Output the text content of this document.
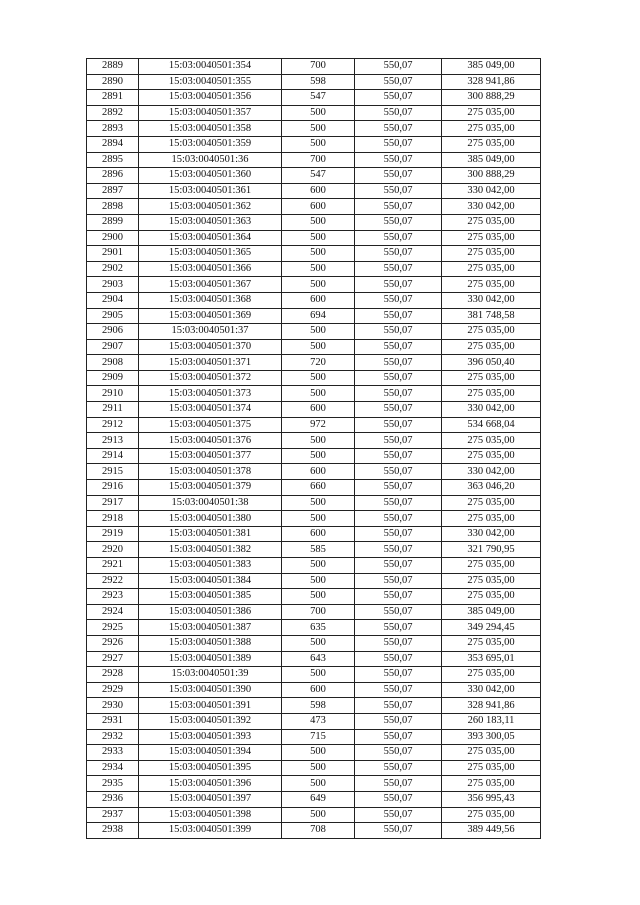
2889	15:03:0040501:354	700	550,07	385 049,00
2890	15:03:0040501:355	598	550,07	328 941,86
2891	15:03:0040501:356	547	550,07	300 888,29
2892	15:03:0040501:357	500	550,07	275 035,00
2893	15:03:0040501:358	500	550,07	275 035,00
2894	15:03:0040501:359	500	550,07	275 035,00
2895	15:03:0040501:36	700	550,07	385 049,00
2896	15:03:0040501:360	547	550,07	300 888,29
2897	15:03:0040501:361	600	550,07	330 042,00
2898	15:03:0040501:362	600	550,07	330 042,00
2899	15:03:0040501:363	500	550,07	275 035,00
2900	15:03:0040501:364	500	550,07	275 035,00
2901	15:03:0040501:365	500	550,07	275 035,00
2902	15:03:0040501:366	500	550,07	275 035,00
2903	15:03:0040501:367	500	550,07	275 035,00
2904	15:03:0040501:368	600	550,07	330 042,00
2905	15:03:0040501:369	694	550,07	381 748,58
2906	15:03:0040501:37	500	550,07	275 035,00
2907	15:03:0040501:370	500	550,07	275 035,00
2908	15:03:0040501:371	720	550,07	396 050,40
2909	15:03:0040501:372	500	550,07	275 035,00
2910	15:03:0040501:373	500	550,07	275 035,00
2911	15:03:0040501:374	600	550,07	330 042,00
2912	15:03:0040501:375	972	550,07	534 668,04
2913	15:03:0040501:376	500	550,07	275 035,00
2914	15:03:0040501:377	500	550,07	275 035,00
2915	15:03:0040501:378	600	550,07	330 042,00
2916	15:03:0040501:379	660	550,07	363 046,20
2917	15:03:0040501:38	500	550,07	275 035,00
2918	15:03:0040501:380	500	550,07	275 035,00
2919	15:03:0040501:381	600	550,07	330 042,00
2920	15:03:0040501:382	585	550,07	321 790,95
2921	15:03:0040501:383	500	550,07	275 035,00
2922	15:03:0040501:384	500	550,07	275 035,00
2923	15:03:0040501:385	500	550,07	275 035,00
2924	15:03:0040501:386	700	550,07	385 049,00
2925	15:03:0040501:387	635	550,07	349 294,45
2926	15:03:0040501:388	500	550,07	275 035,00
2927	15:03:0040501:389	643	550,07	353 695,01
2928	15:03:0040501:39	500	550,07	275 035,00
2929	15:03:0040501:390	600	550,07	330 042,00
2930	15:03:0040501:391	598	550,07	328 941,86
2931	15:03:0040501:392	473	550,07	260 183,11
2932	15:03:0040501:393	715	550,07	393 300,05
2933	15:03:0040501:394	500	550,07	275 035,00
2934	15:03:0040501:395	500	550,07	275 035,00
2935	15:03:0040501:396	500	550,07	275 035,00
2936	15:03:0040501:397	649	550,07	356 995,43
2937	15:03:0040501:398	500	550,07	275 035,00
2938	15:03:0040501:399	708	550,07	389 449,56
